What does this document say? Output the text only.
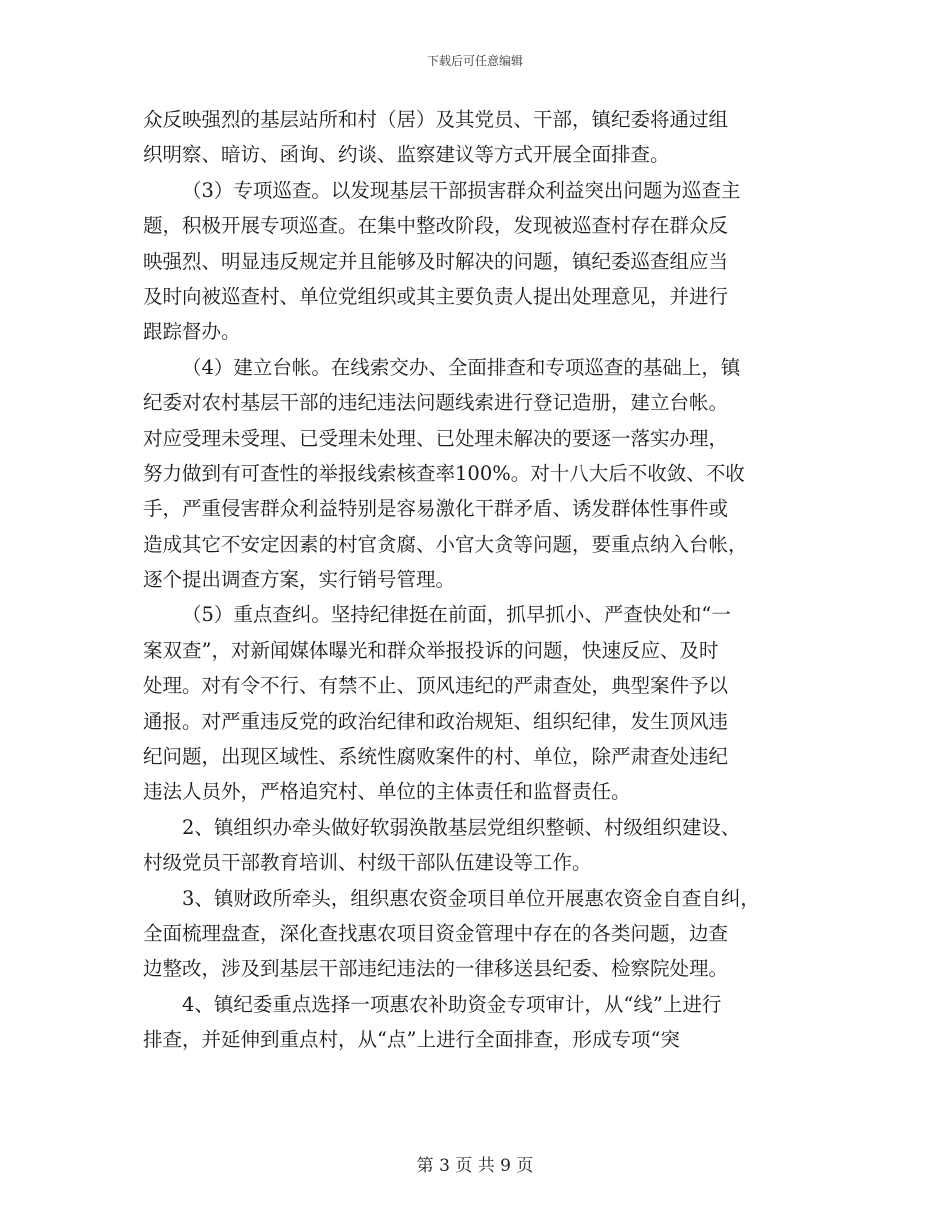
下载后可任意编辑
众反映强烈的基层站所和村（居）及其党员、干部，镇纪委将通过组
织明察、暗访、函询、约谈、监察建议等方式开展全面排查。
（3）专项巡查。以发现基层干部损害群众利益突出问题为巡查主
题，积极开展专项巡查。在集中整改阶段，发现被巡查村存在群众反
映强烈、明显违反规定并且能够及时解决的问题，镇纪委巡查组应当
及时向被巡查村、单位党组织或其主要负责人提出处理意见，并进行
跟踪督办。
（4）建立台帐。在线索交办、全面排查和专项巡查的基础上，镇
纪委对农村基层干部的违纪违法问题线索进行登记造册，建立台帐。
对应受理未受理、已受理未处理、已处理未解决的要逐一落实办理，
努力做到有可查性的举报线索核查率100%。对十八大后不收敛、不收
手，严重侵害群众利益特别是容易激化干群矛盾、诱发群体性事件或
造成其它不安定因素的村官贪腐、小官大贪等问题，要重点纳入台帐，
逐个提出调查方案，实行销号管理。
（5）重点查纠。坚持纪律挺在前面，抓早抓小、严查快处和“一
案双查”，对新闻媒体曝光和群众举报投诉的问题，快速反应、及时
处理。对有令不行、有禁不止、顶风违纪的严肃查处，典型案件予以
通报。对严重违反党的政治纪律和政治规矩、组织纪律，发生顶风违
纪问题，出现区域性、系统性腐败案件的村、单位，除严肃查处违纪
违法人员外，严格追究村、单位的主体责任和监督责任。
2、镇组织办牵头做好软弱涣散基层党组织整顿、村级组织建设、
村级党员干部教育培训、村级干部队伍建设等工作。
3、镇财政所牵头，组织惠农资金项目单位开展惠农资金自查自纠，
全面梳理盘查，深化查找惠农项目资金管理中存在的各类问题，边查
边整改，涉及到基层干部违纪违法的一律移送县纪委、检察院处理。
4、镇纪委重点选择一项惠农补助资金专项审计，从“线”上进行
排查，并延伸到重点村，从“点”上进行全面排查，形成专项“突
第 3 页 共 9 页
